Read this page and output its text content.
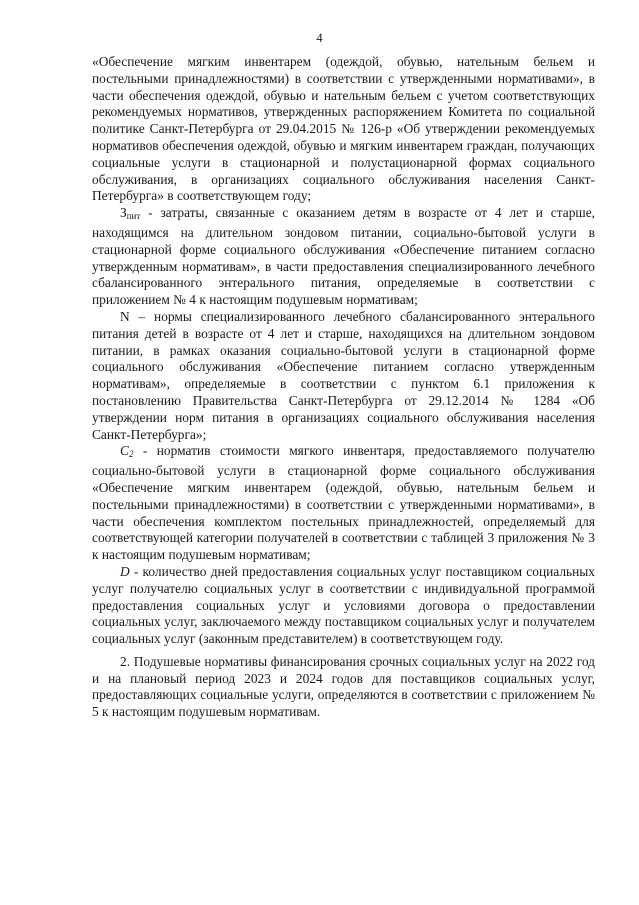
4

«Обеспечение мягким инвентарем (одеждой, обувью, нательным бельем и постельными принадлежностями) в соответствии с утвержденными нормативами», в части обеспечения одеждой, обувью и нательным бельем с учетом соответствующих рекомендуемых нормативов, утвержденных распоряжением Комитета по социальной политике Санкт-Петербурга от 29.04.2015 № 126-р «Об утверждении рекомендуемых нормативов обеспечения одеждой, обувью и мягким инвентарем граждан, получающих социальные услуги в стационарной и полустационарной формах социального обслуживания, в организациях социального обслуживания населения Санкт-Петербурга» в соответствующем году;

$З_{пит}$ - затраты, связанные с оказанием детям в возрасте от 4 лет и старше, находящимся на длительном зондовом питании, социально-бытовой услуги в стационарной форме социального обслуживания «Обеспечение питанием согласно утвержденным нормативам», в части предоставления специализированного лечебного сбалансированного энтерального питания, определяемые в соответствии с приложением № 4 к настоящим подушевым нормативам;

N – нормы специализированного лечебного сбалансированного энтерального питания детей в возрасте от 4 лет и старше, находящихся на длительном зондовом питании, в рамках оказания социально-бытовой услуги в стационарной форме социального обслуживания «Обеспечение питанием согласно утвержденным нормативам», определяемые в соответствии с пунктом 6.1 приложения к постановлению Правительства Санкт-Петербурга от 29.12.2014 № 1284 «Об утверждении норм питания в организациях социального обслуживания населения Санкт-Петербурга»;

$С_2$ - норматив стоимости мягкого инвентаря, предоставляемого получателю социально-бытовой услуги в стационарной форме социального обслуживания «Обеспечение мягким инвентарем (одеждой, обувью, нательным бельем и постельными принадлежностями) в соответствии с утвержденными нормативами», в части обеспечения комплектом постельных принадлежностей, определяемый для соответствующей категории получателей в соответствии с таблицей 3 приложения № 3 к настоящим подушевым нормативам;

D - количество дней предоставления социальных услуг поставщиком социальных услуг получателю социальных услуг в соответствии с индивидуальной программой предоставления социальных услуг и условиями договора о предоставлении социальных услуг, заключаемого между поставщиком социальных услуг и получателем социальных услуг (законным представителем) в соответствующем году.

2. Подушевые нормативы финансирования срочных социальных услуг на 2022 год и на плановый период 2023 и 2024 годов для поставщиков социальных услуг, предоставляющих социальные услуги, определяются в соответствии с приложением № 5 к настоящим подушевым нормативам.
